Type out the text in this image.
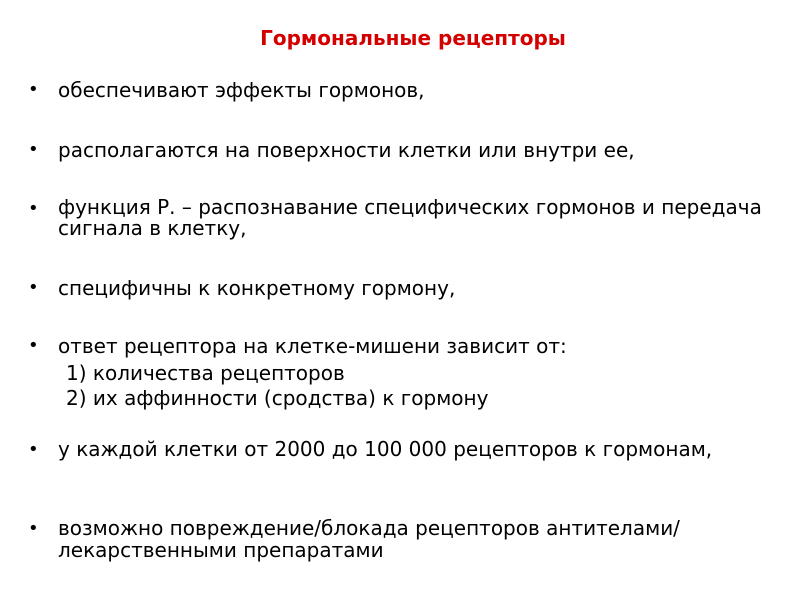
Гормональные рецепторы
• обеспечивают эффекты гормонов,
• располагаются на поверхности клетки или внутри ее,
• функция Р. – распознавание специфических гормонов и передача сигнала в клетку,
• специфичны к конкретному гормону,
• ответ рецептора на клетке-мишени зависит от:
1) количества рецепторов
2) их аффинности (сродства) к гормону
• у каждой клетки от 2000 до 100 000 рецепторов к гормонам,
• возможно повреждение/блокада рецепторов антителами/лекарственными препаратами
